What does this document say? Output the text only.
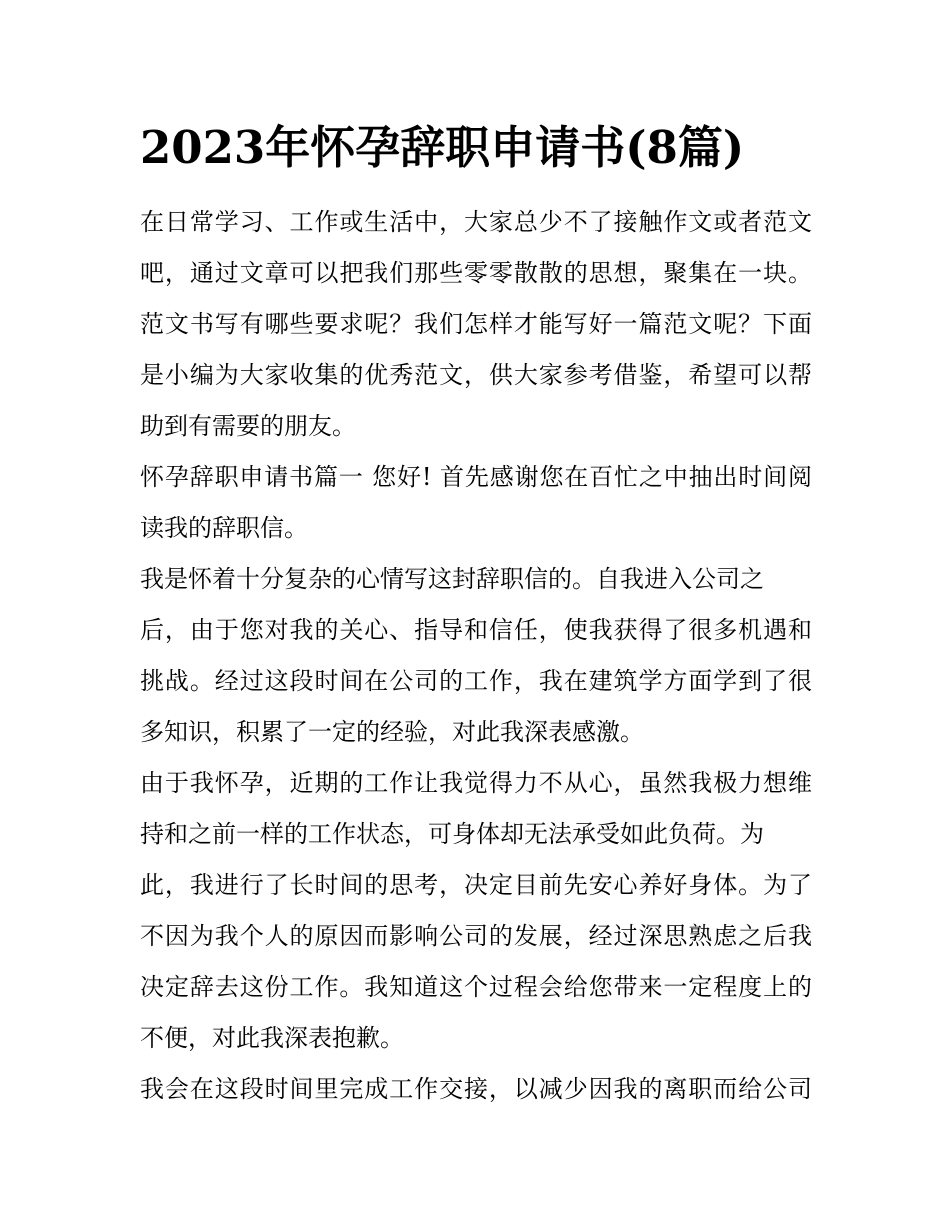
2023年怀孕辞职申请书(8篇)
在日常学习、工作或生活中，大家总少不了接触作文或者范文
吧，通过文章可以把我们那些零零散散的思想，聚集在一块。
范文书写有哪些要求呢？我们怎样才能写好一篇范文呢？下面
是小编为大家收集的优秀范文，供大家参考借鉴，希望可以帮
助到有需要的朋友。
怀孕辞职申请书篇一 您好! 首先感谢您在百忙之中抽出时间阅
读我的辞职信。
我是怀着十分复杂的心情写这封辞职信的。自我进入公司之
后，由于您对我的关心、指导和信任，使我获得了很多机遇和
挑战。经过这段时间在公司的工作，我在建筑学方面学到了很
多知识，积累了一定的经验，对此我深表感激。
由于我怀孕，近期的工作让我觉得力不从心，虽然我极力想维
持和之前一样的工作状态，可身体却无法承受如此负荷。为
此，我进行了长时间的思考，决定目前先安心养好身体。为了
不因为我个人的原因而影响公司的发展，经过深思熟虑之后我
决定辞去这份工作。我知道这个过程会给您带来一定程度上的
不便，对此我深表抱歉。
我会在这段时间里完成工作交接，以减少因我的离职而给公司
